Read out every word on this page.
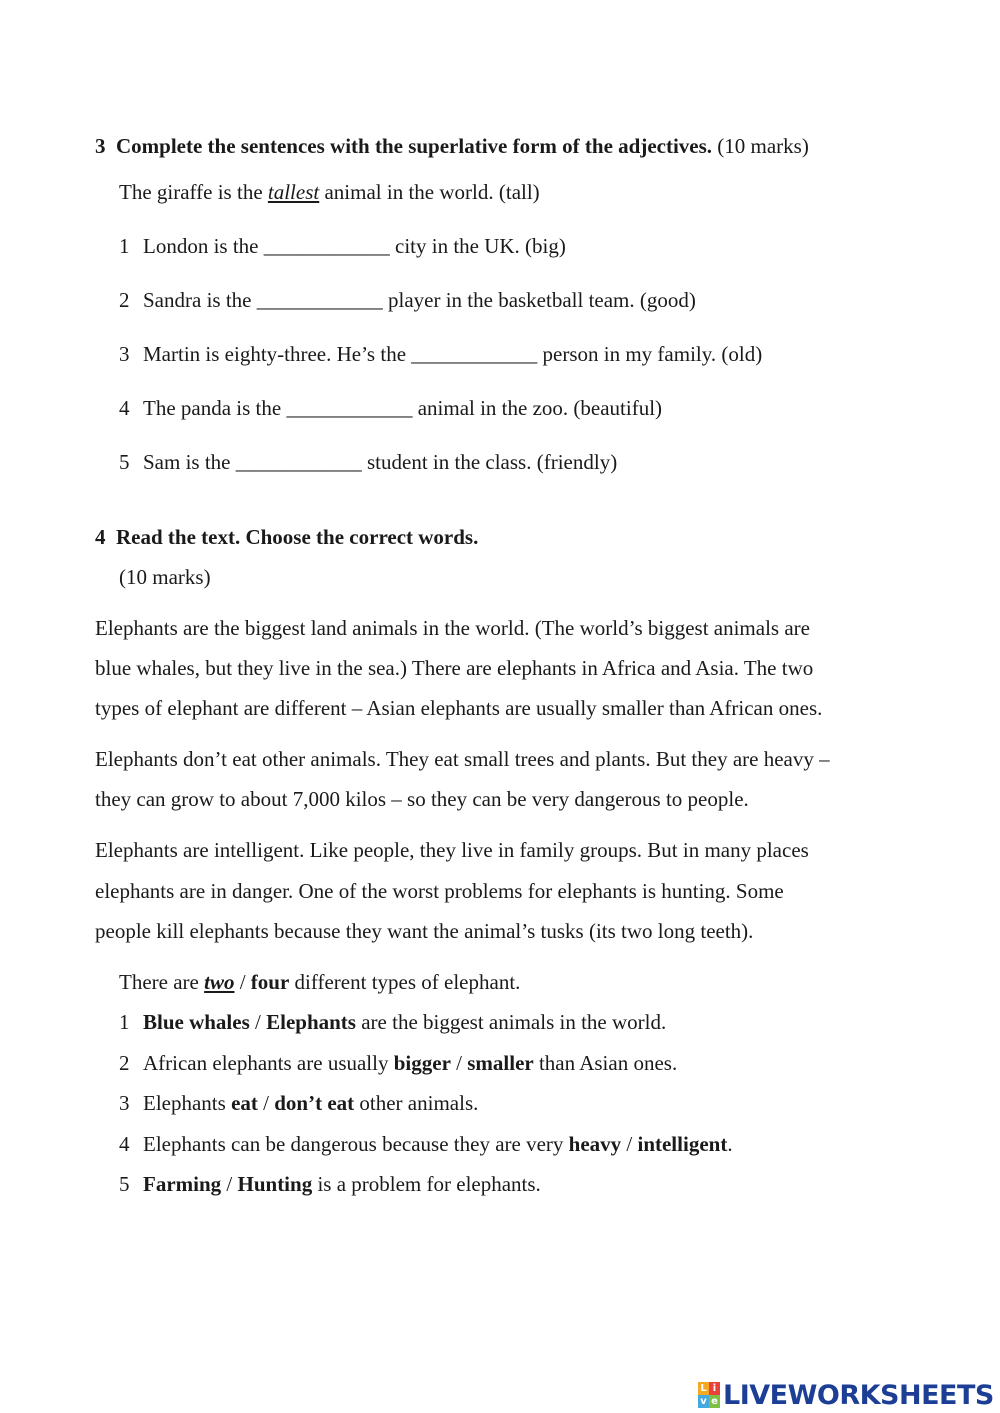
3 Complete the sentences with the superlative form of the adjectives. (10 marks)
The giraffe is the tallest animal in the world. (tall)
1 London is the ____________ city in the UK. (big)
2 Sandra is the ____________ player in the basketball team. (good)
3 Martin is eighty-three. He’s the ____________ person in my family. (old)
4 The panda is the ____________ animal in the zoo. (beautiful)
5 Sam is the ____________ student in the class. (friendly)
4 Read the text. Choose the correct words.
(10 marks)
Elephants are the biggest land animals in the world. (The world’s biggest animals are
blue whales, but they live in the sea.) There are elephants in Africa and Asia. The two
types of elephant are different – Asian elephants are usually smaller than African ones.
Elephants don’t eat other animals. They eat small trees and plants. But they are heavy –
they can grow to about 7,000 kilos – so they can be very dangerous to people.
Elephants are intelligent. Like people, they live in family groups. But in many places
elephants are in danger. One of the worst problems for elephants is hunting. Some
people kill elephants because they want the animal’s tusks (its two long teeth).
There are two / four different types of elephant.
1 Blue whales / Elephants are the biggest animals in the world.
2 African elephants are usually bigger / smaller than Asian ones.
3 Elephants eat / don’t eat other animals.
4 Elephants can be dangerous because they are very heavy / intelligent.
5 Farming / Hunting is a problem for elephants.
L i
v e LIVEWORKSHEETS
